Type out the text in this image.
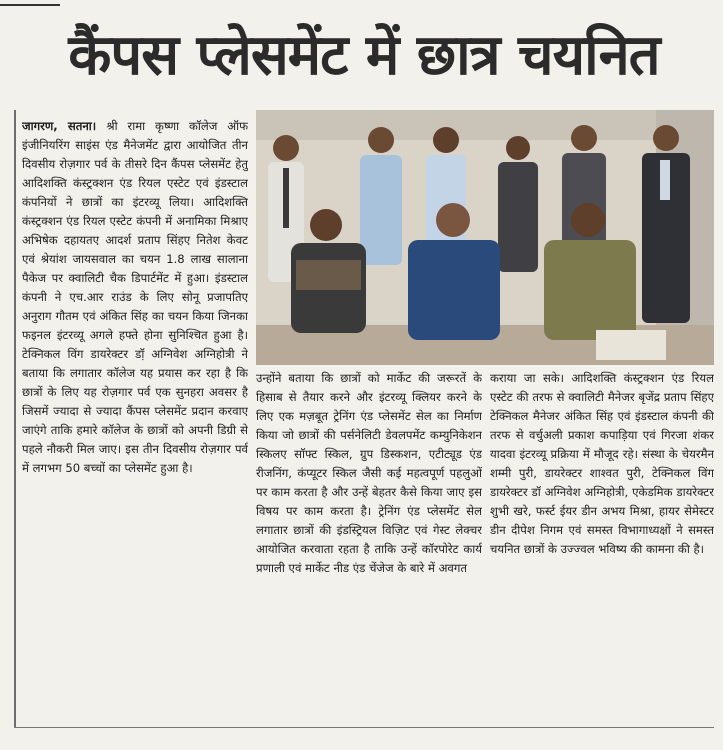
कैंपस प्लेसमेंट में छात्र चयनित
जागरण, सतना। श्री रामा कृष्णा कॉलेज ऑफ इंजीनियरिंग साइंस एंड मैनेजमेंट द्वारा आयोजित तीन दिवसीय रोज़गार पर्व के तीसरे दिन कैंपस प्लेसमेंट हेतु आदिशक्ति कंस्ट्रक्शन एंड रियल एस्टेट एवं इंडस्टाल कंपनियों ने छात्रों का इंटरव्यू लिया। आदिशक्ति कंस्ट्रक्शन एंड रियल एस्टेट कंपनी में अनामिका मिश्राए अभिषेक दहायतए आदर्श प्रताप सिंहए नितेश केवट एवं श्रेयांश जायसवाल का चयन 1.8 लाख सालाना पैकेज पर क्वालिटी चैक डिपार्टमेंट में हुआ। इंडस्टाल कंपनी ने एच.आर राउंड के लिए सोनू प्रजापतिए अनुराग गौतम एवं अंकित सिंह का चयन किया जिनका फइनल इंटरव्यू अगले हफ्ते होना सुनिश्चित हुआ है। टेक्निकल विंग डायरेक्टर डॉ़ अग्निवेश अग्निहोत्री ने बताया कि लगातार कॉलेज यह प्रयास कर रहा है कि छात्रों के लिए यह रोज़गार पर्व एक सुनहरा अवसर है जिसमें ज्यादा से ज्यादा कैंपस प्लेसमेंट प्रदान करवाए जाएंगे ताकि हमारे कॉलेज के छात्रों को अपनी डिग्री से पहले नौकरी मिल जाए। इस तीन दिवसीय रोज़गार पर्व में लगभग 50 बच्चों का प्लेसमेंट हुआ है।
उन्होंने बताया कि छात्रों को मार्केट की जरूरतें के हिसाब से तैयार करने और इंटरव्यू क्लियर करने के लिए एक मज़बूत ट्रेनिंग एंड प्लेसमेंट सेल का निर्माण किया जो छात्रों की पर्सनेलिटी डेवलपमेंट कम्युनिकेशन स्किलए सॉफ्ट स्किल, ग्रुप डिस्कशन, एटीट्यूड एंड रीजनिंग, कंप्यूटर स्किल जैसी कई महत्वपूर्ण पहलुओं पर काम करता है और उन्हें बेहतर कैसे किया जाए इस विषय पर काम करता है। ट्रेनिंग एंड प्लेसमेंट सेल लगातार छात्रों की इंडस्ट्रियल विज़िट एवं गेस्ट लेक्चर आयोजित करवाता रहता है ताकि उन्हें कॉरपोरेट कार्य प्रणाली एवं मार्केट नीड एंड चेंजेज के बारे में अवगत
कराया जा सके। आदिशक्ति कंस्ट्रक्शन एंड रियल एस्टेट की तरफ से क्वालिटी मैनेजर बृजेंद्र प्रताप सिंहए टेक्निकल मैनेजर अंकित सिंह एवं इंडस्टाल कंपनी की तरफ से वर्चुअली प्रकाश कपाड़िया एवं गिरजा शंकर यादवा इंटरव्यू प्रक्रिया में मौजूद रहे। संस्था के चेयरमैन शम्मी पुरी, डायरेक्टर शाश्वत पुरी, टेक्निकल विंग डायरेक्टर डॉ अग्निवेश अग्निहोत्री, एकेडमिक डायरेक्टर शुभी खरे, फर्स्ट ईयर डीन अभय मिश्रा, हायर सेमेस्टर डीन दीपेश निगम एवं समस्त विभागाध्यक्षों ने समस्त चयनित छात्रों के उज्ज्वल भविष्य की कामना की है।
